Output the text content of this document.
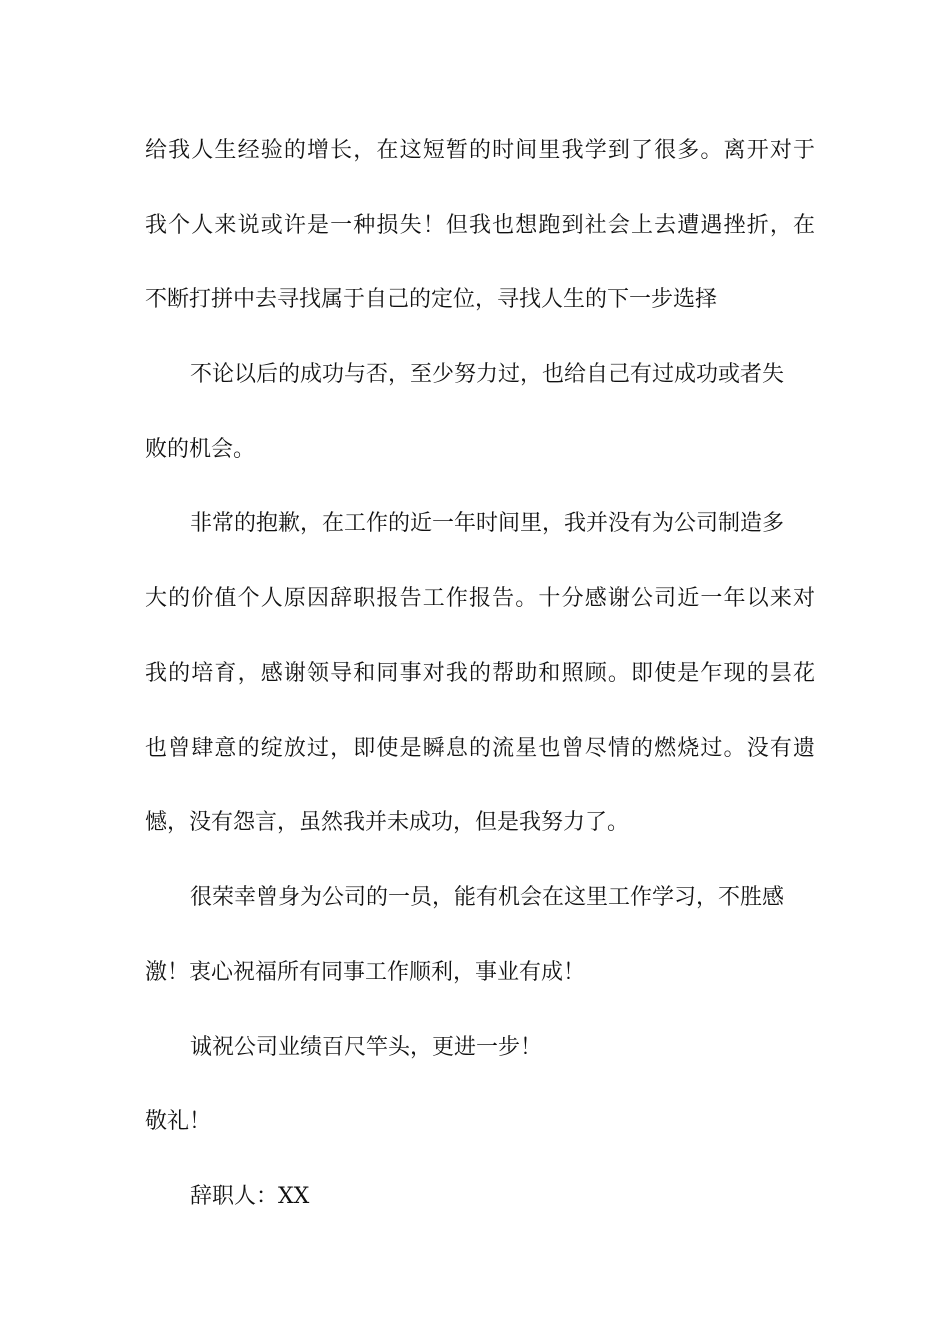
给我人生经验的增长，在这短暂的时间里我学到了很多。离开对于
我个人来说或许是一种损失！但我也想跑到社会上去遭遇挫折，在
不断打拼中去寻找属于自己的定位，寻找人生的下一步选择
不论以后的成功与否，至少努力过，也给自己有过成功或者失
败的机会。
非常的抱歉，在工作的近一年时间里，我并没有为公司制造多
大的价值个人原因辞职报告工作报告。十分感谢公司近一年以来对
我的培育，感谢领导和同事对我的帮助和照顾。即使是乍现的昙花
也曾肆意的绽放过，即使是瞬息的流星也曾尽情的燃烧过。没有遗
憾，没有怨言，虽然我并未成功，但是我努力了。
很荣幸曾身为公司的一员，能有机会在这里工作学习，不胜感
激！衷心祝福所有同事工作顺利，事业有成！
诚祝公司业绩百尺竿头，更进一步！
敬礼！
辞职人：XX
